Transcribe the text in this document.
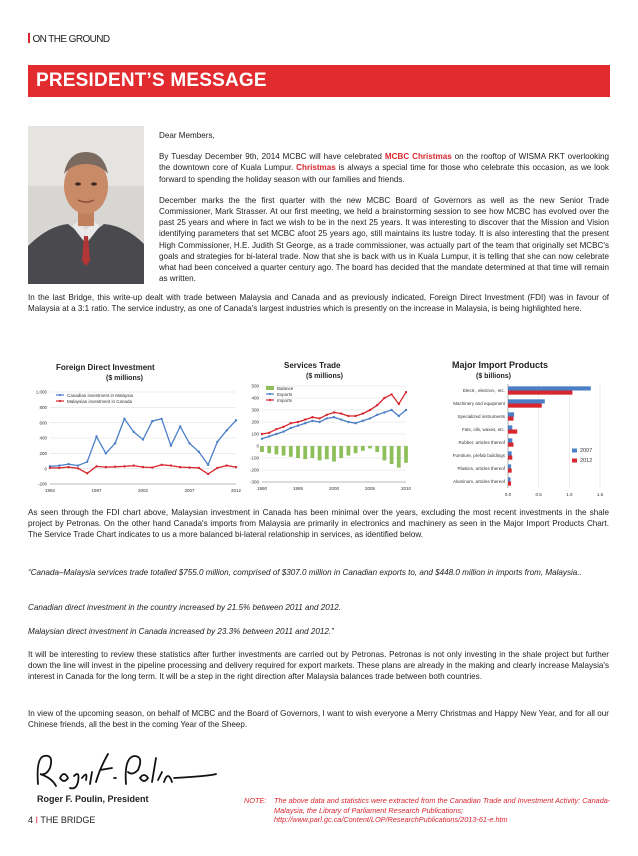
ON THE GROUND
PRESIDENT’S MESSAGE

Dear Members,

By Tuesday December 9th, 2014 MCBC will have celebrated MCBC Christmas on the rooftop of WISMA RKT overlooking the downtown core of Kuala Lumpur. Christmas is always a special time for those who celebrate this occasion, as we look forward to spending the holiday season with our families and friends.

December marks the the first quarter with the new MCBC Board of Governors as well as the new Senior Trade Commissioner, Mark Strasser. At our first meeting, we held a brainstorming session to see how MCBC has evolved over the past 25 years and where in fact we wish to be in the next 25 years. It was interesting to discover that the Mission and Vision identifying parameters that set MCBC afoot 25 years ago, still maintains its lustre today. It is also interesting that the present High Commissioner, H.E. Judith St George, as a trade commissioner, was actually part of the team that originally set MCBC's goals and strategies for bi-lateral trade. Now that she is back with us in Kuala Lumpur, it is telling that she can now celebrate what had been conceived a quarter century ago. The board has decided that the mandate determined at that time will remain as written.

In the last Bridge, this write-up dealt with trade between Malaysia and Canada and as previously indicated, Foreign Direct Investment (FDI) was in favour of Malaysia at a 3:1 ratio. The service industry, as one of Canada's largest industries which is presently on the increase in Malaysia, is being highlighted here.
Foreign Direct Investment
($ millions)
Canadian investment in Malaysia
Malaysian investment in Canada
1,000
800
600
400
200
0
-200
1992	1997	2002	2007	2012
Services Trade
($ millions)
Balance
Exports
Imports
500
400
300
200
100
0
-100
-200
-300
1990	1995	2000	2005	2010
Major Import Products
($ billions)
Electr., electron., etc.
Machinery and equipment
Specialized instruments
Fats, oils, waxes, etc.
Rubber, articles thereof
Furniture, prefab buildings
Plastics, articles thereof
Aluminum, articles thereof
2007
2012
0.0	0.5	1.0	1.5
As seen through the FDI chart above, Malaysian investment in Canada has been minimal over the years, excluding the most recent investments in the shale project by Petronas. On the other hand Canada's imports from Malaysia are primarily in electronics and machinery as seen in the Major Import Products Chart. The Service Trade Chart indicates to us a more balanced bi-lateral relationship in services, as identified below.
“Canada–Malaysia services trade totalled $755.0 million, comprised of $307.0 million in Canadian exports to, and $448.0 million in imports from, Malaysia..
Canadian direct investment in the country increased by 21.5% between 2011 and 2012.
Malaysian direct investment in Canada increased by 23.3% between 2011 and 2012.”
It will be interesting to review these statistics after further investments are carried out by Petronas. Petronas is not only investing in the shale project but further down the line will invest in the pipeline processing and delivery required for export markets. These plans are already in the making and clearly increase Malaysia's interest in Canada for the long term. It will be a step in the right direction after Malaysia balances trade between both countries.
In view of the upcoming season, on behalf of MCBC and the Board of Governors, I want to wish everyone a Merry Christmas and Happy New Year, and for all our Chinese friends, all the best in the coming Year of the Sheep.
Roger F. Poulin, President	NOTE: The above data and statistics were extracted from the Canadian Trade and Investment Activity: Canada-Malaysia, the Library of Parliament Research Publications; http://www.parl.gc.ca/Content/LOP/ResearchPublications/2013-61-e.htm
4 I THE BRIDGE
